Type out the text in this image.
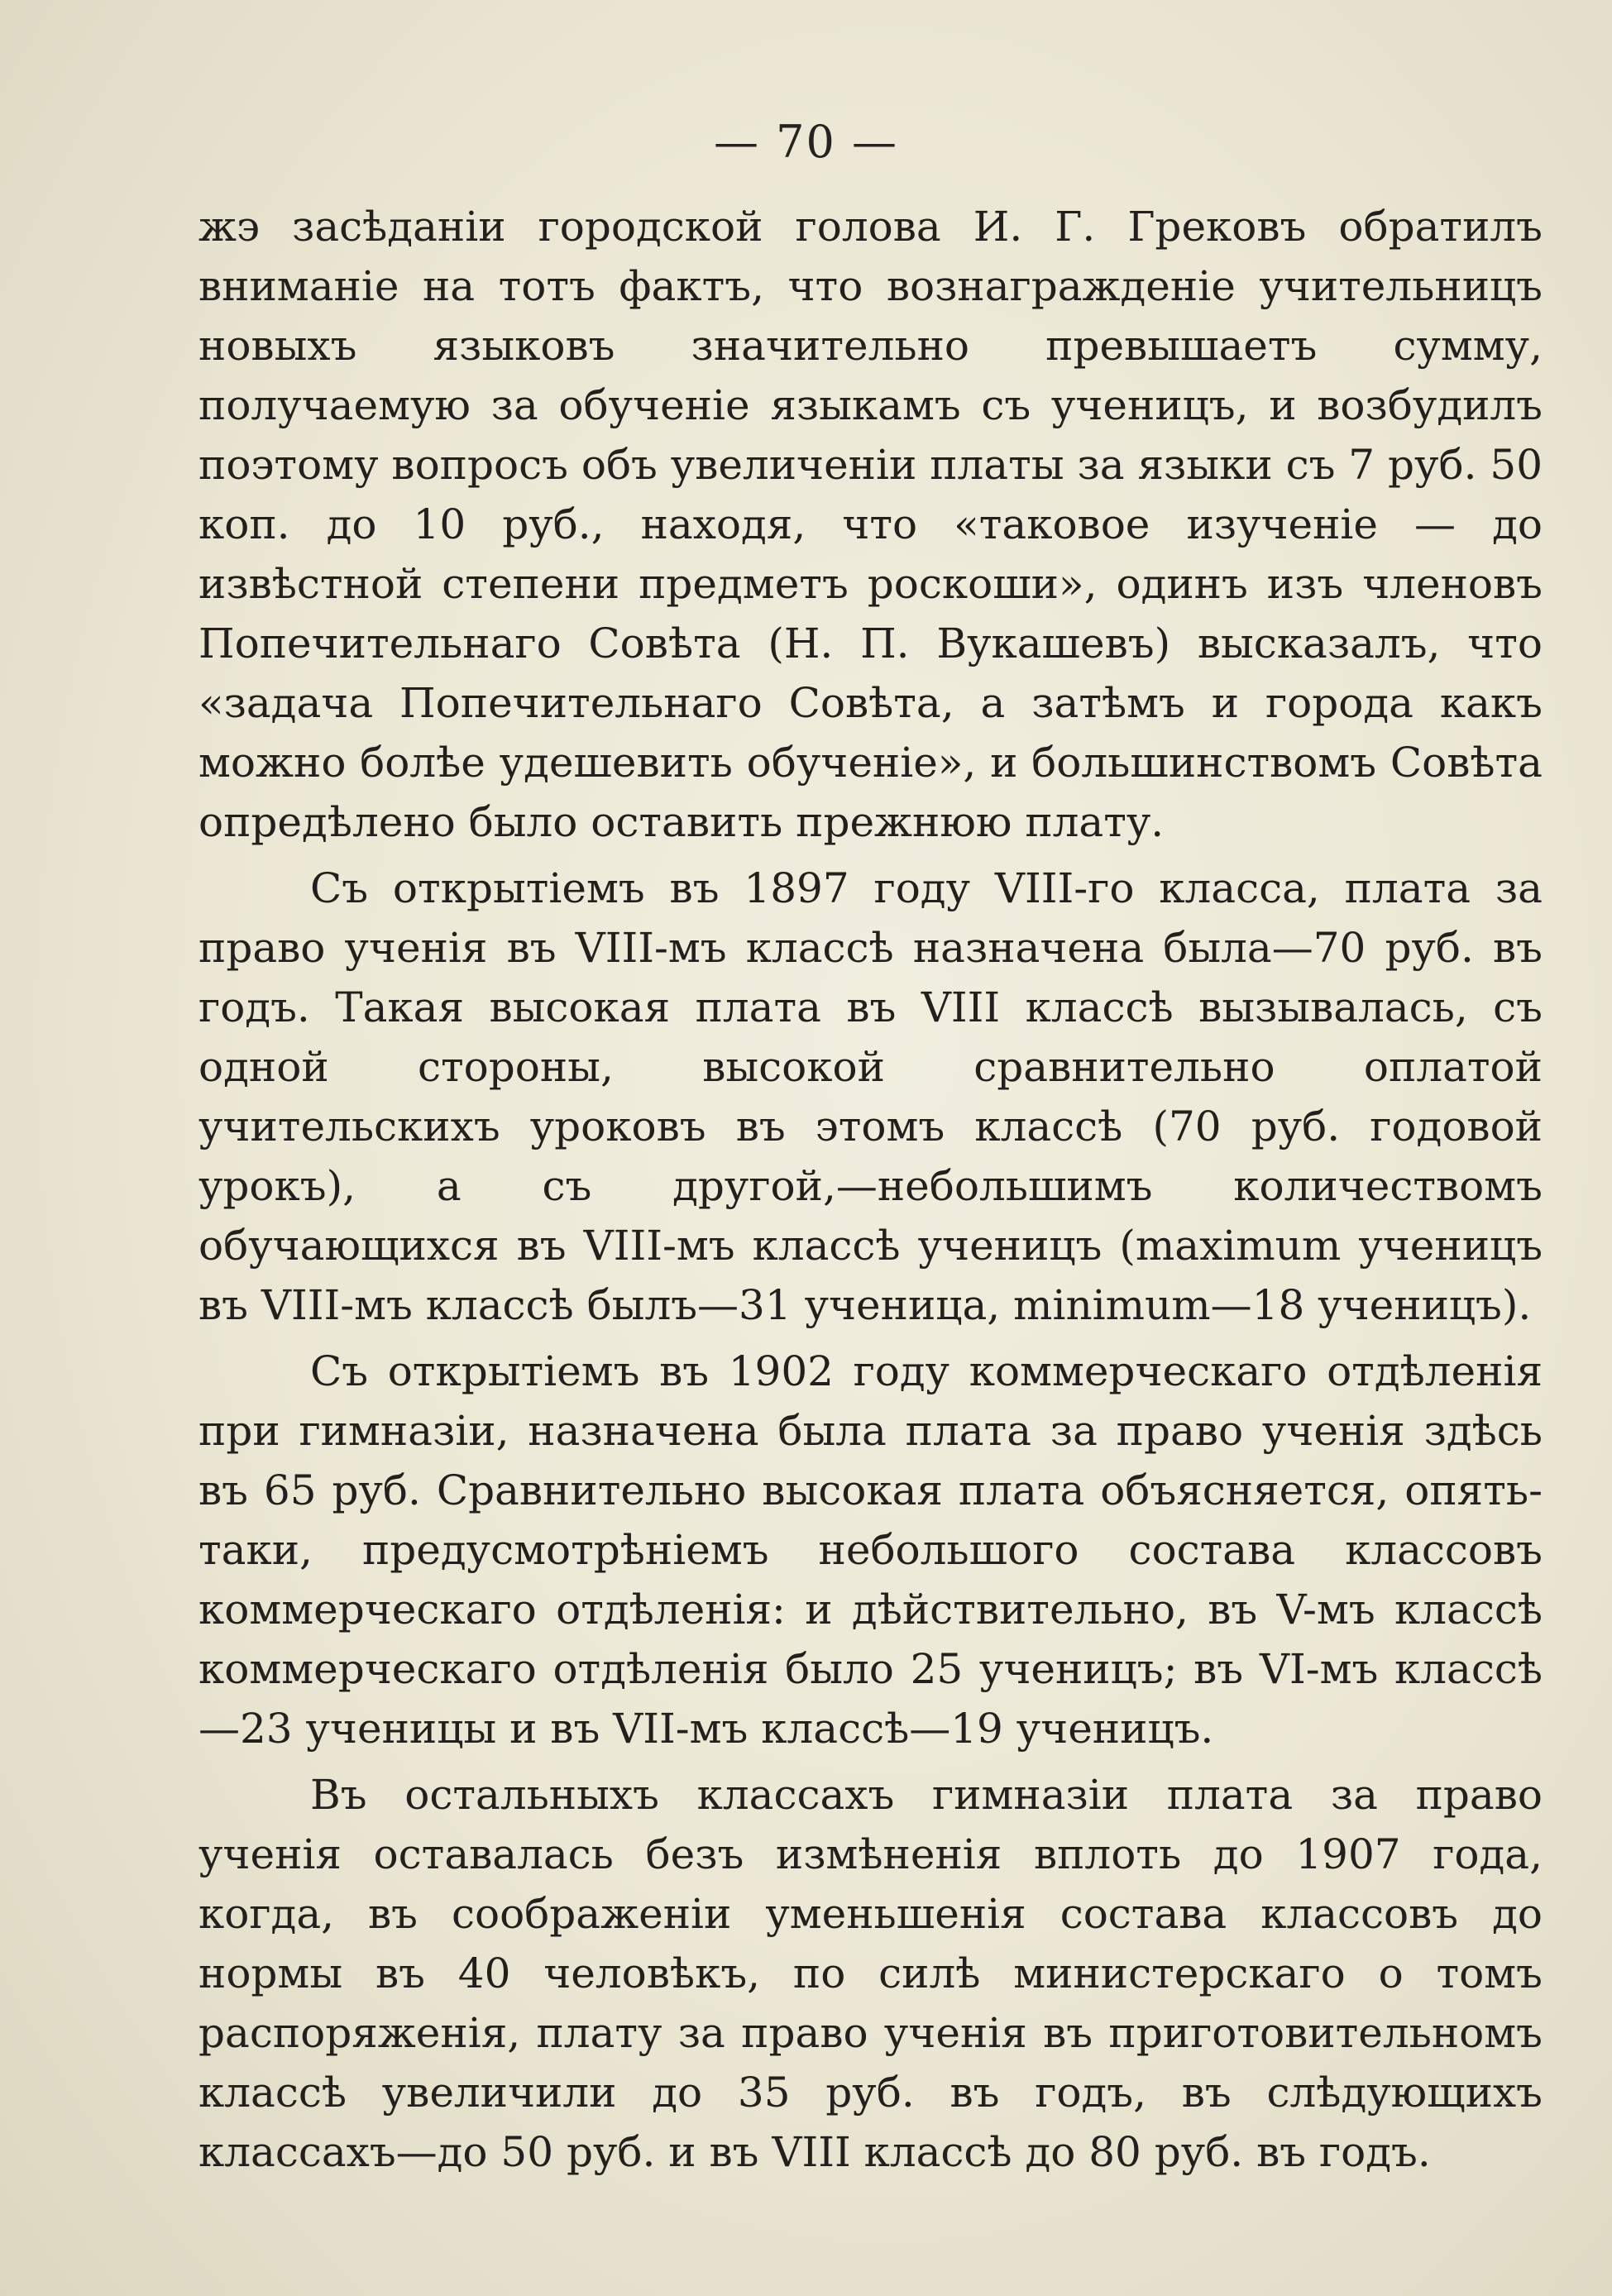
— 70 —

жэ засѣданіи городской голова И. Г. Грековъ обратилъ вниманіе на тотъ фактъ, что вознагражденіе учительницъ новыхъ языковъ значительно превышаетъ сумму, получаемую за обученіе языкамъ съ ученицъ, и возбудилъ поэтому вопросъ объ увеличеніи платы за языки съ 7 руб. 50 коп. до 10 руб., находя, что «таковое изученіе — до извѣстной степени предметъ роскоши», одинъ изъ членовъ Попечительнаго Совѣта (Н. П. Вукашевъ) высказалъ, что «задача Попечительнаго Совѣта, а затѣмъ и города какъ можно болѣе удешевить обученіе», и большинствомъ Совѣта опредѣлено было оставить прежнюю плату.

Съ открытіемъ въ 1897 году VIII-го класса, плата за право ученія въ VIII-мъ классѣ назначена была—70 руб. въ годъ. Такая высокая плата въ VIII классѣ вызывалась, съ одной стороны, высокой сравнительно оплатой учительскихъ уроковъ въ этомъ классѣ (70 руб. годовой урокъ), а съ другой,—небольшимъ количествомъ обучающихся въ VIII-мъ классѣ ученицъ (maximum ученицъ въ VIII-мъ классѣ былъ—31 ученица, minimum—18 ученицъ).

Съ открытіемъ въ 1902 году коммерческаго отдѣленія при гимназіи, назначена была плата за право ученія здѣсь въ 65 руб. Сравнительно высокая плата объясняется, опять-таки, предусмотрѣніемъ небольшого состава классовъ коммерческаго отдѣленія: и дѣйствительно, въ V-мъ классѣ коммерческаго отдѣленія было 25 ученицъ; въ VI-мъ классѣ—23 ученицы и въ VII-мъ классѣ—19 ученицъ.

Въ остальныхъ классахъ гимназіи плата за право ученія оставалась безъ измѣненія вплоть до 1907 года, когда, въ соображеніи уменьшенія состава классовъ до нормы въ 40 человѣкъ, по силѣ министерскаго о томъ распоряженія, плату за право ученія въ приготовительномъ классѣ увеличили до 35 руб. въ годъ, въ слѣдующихъ классахъ—до 50 руб. и въ VIII классѣ до 80 руб. въ годъ.
